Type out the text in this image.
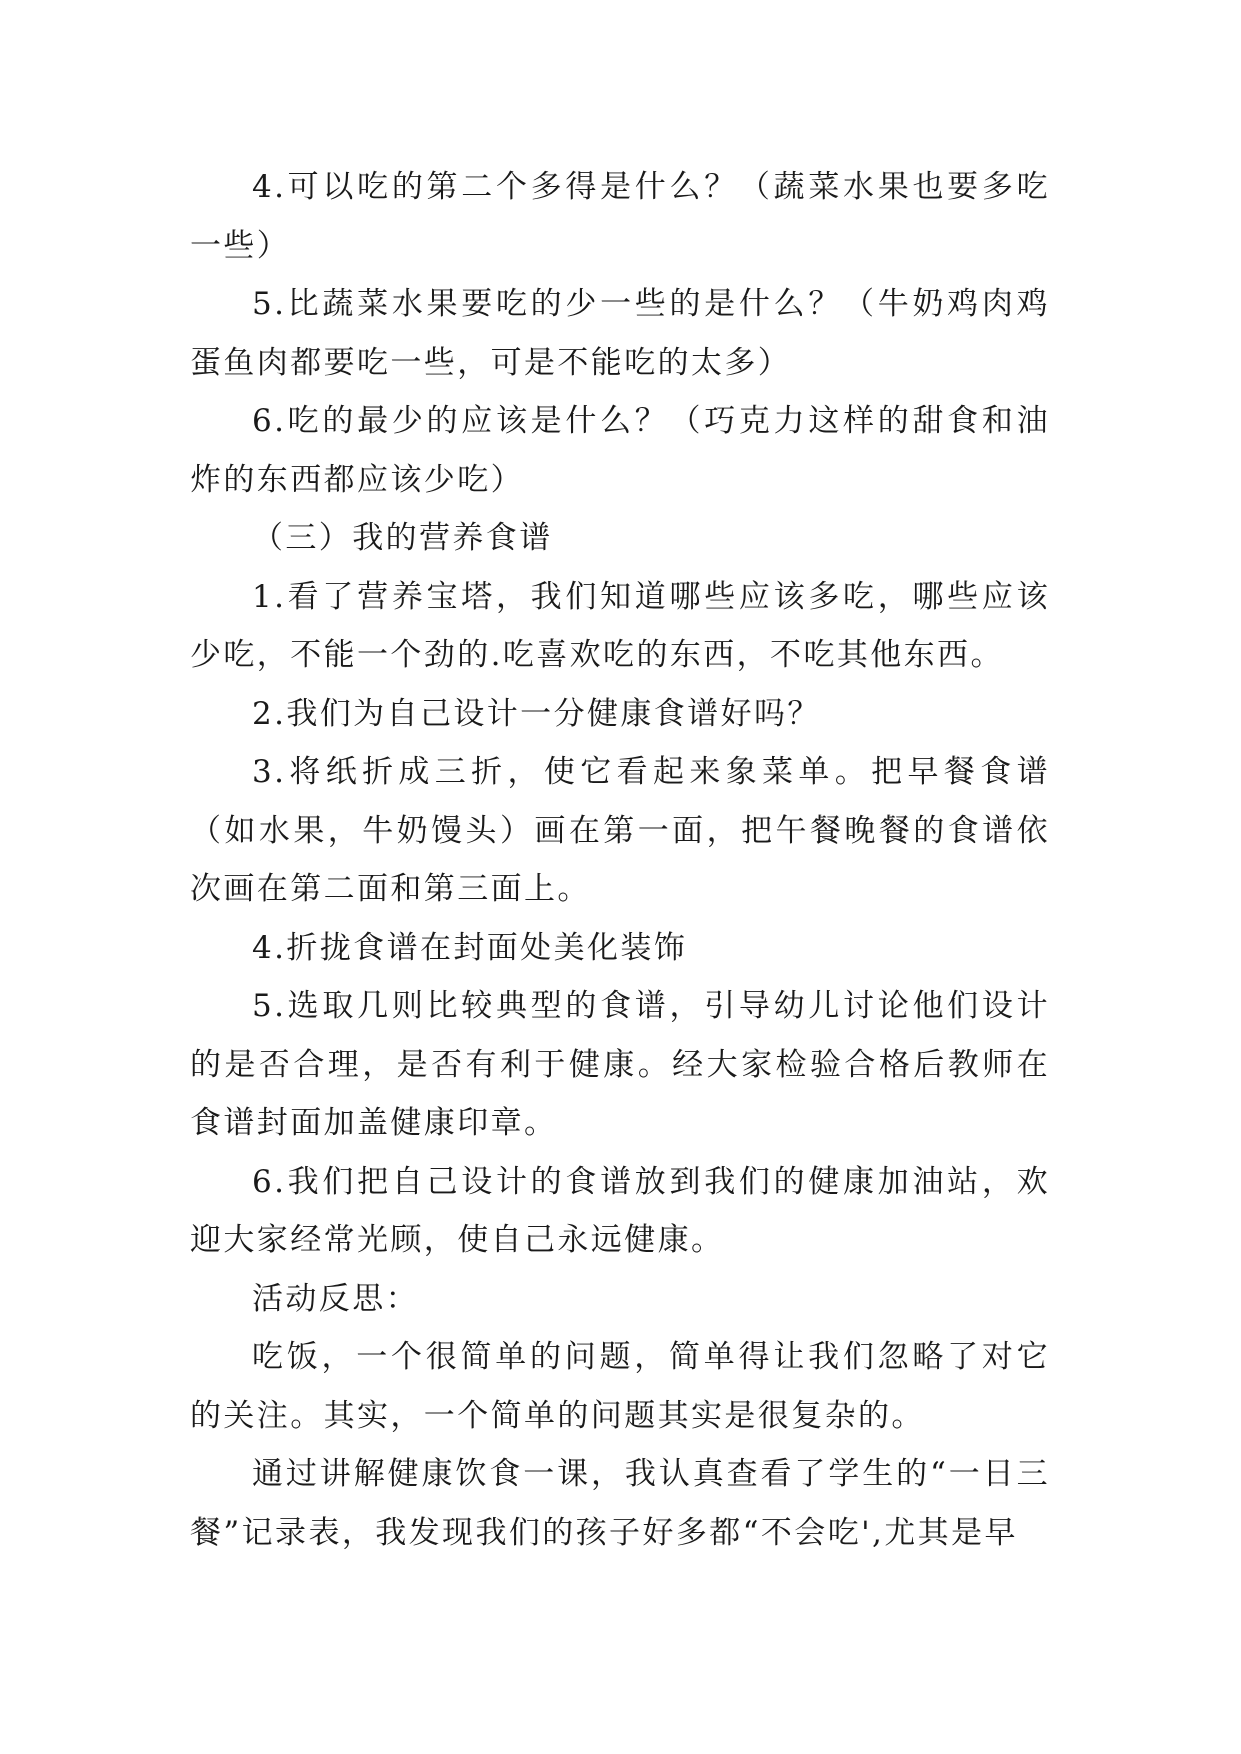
4.可以吃的第二个多得是什么？（蔬菜水果也要多吃一些）

5.比蔬菜水果要吃的少一些的是什么？（牛奶鸡肉鸡蛋鱼肉都要吃一些，可是不能吃的太多）

6.吃的最少的应该是什么？（巧克力这样的甜食和油炸的东西都应该少吃）

（三）我的营养食谱

1.看了营养宝塔，我们知道哪些应该多吃，哪些应该少吃，不能一个劲的.吃喜欢吃的东西，不吃其他东西。

2.我们为自己设计一分健康食谱好吗？

3.将纸折成三折，使它看起来象菜单。把早餐食谱（如水果，牛奶馒头）画在第一面，把午餐晚餐的食谱依次画在第二面和第三面上。

4.折拢食谱在封面处美化装饰

5.选取几则比较典型的食谱，引导幼儿讨论他们设计的是否合理，是否有利于健康。经大家检验合格后教师在食谱封面加盖健康印章。

6.我们把自己设计的食谱放到我们的健康加油站，欢迎大家经常光顾，使自己永远健康。

活动反思：

吃饭，一个很简单的问题，简单得让我们忽略了对它的关注。其实，一个简单的问题其实是很复杂的。

通过讲解健康饮食一课，我认真查看了学生的“一日三餐”记录表，我发现我们的孩子好多都“不会吃',尤其是早
